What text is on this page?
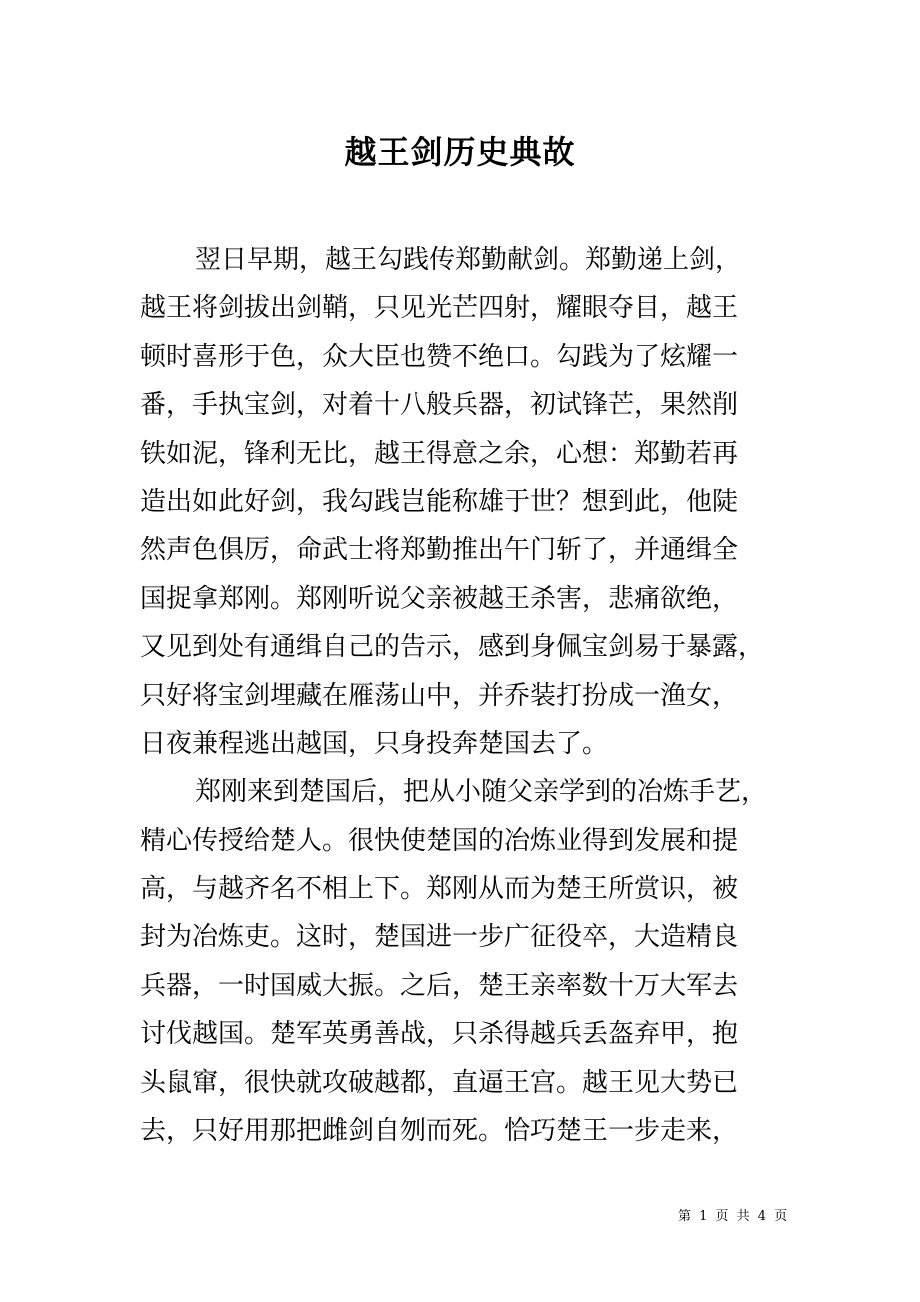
越王剑历史典故
翌日早期，越王勾践传郑勤献剑。郑勤递上剑，
越王将剑拔出剑鞘，只见光芒四射，耀眼夺目，越王
顿时喜形于色，众大臣也赞不绝口。勾践为了炫耀一
番，手执宝剑，对着十八般兵器，初试锋芒，果然削
铁如泥，锋利无比，越王得意之余，心想：郑勤若再
造出如此好剑，我勾践岂能称雄于世？想到此，他陡
然声色俱厉，命武士将郑勤推出午门斩了，并通缉全
国捉拿郑刚。郑刚听说父亲被越王杀害，悲痛欲绝，
又见到处有通缉自己的告示，感到身佩宝剑易于暴露，
只好将宝剑埋藏在雁荡山中，并乔装打扮成一渔女，
日夜兼程逃出越国，只身投奔楚国去了。
郑刚来到楚国后，把从小随父亲学到的冶炼手艺，
精心传授给楚人。很快使楚国的冶炼业得到发展和提
高，与越齐名不相上下。郑刚从而为楚王所赏识，被
封为冶炼吏。这时，楚国进一步广征役卒，大造精良
兵器，一时国威大振。之后，楚王亲率数十万大军去
讨伐越国。楚军英勇善战，只杀得越兵丢盔弃甲，抱
头鼠窜，很快就攻破越都，直逼王宫。越王见大势已
去，只好用那把雌剑自刎而死。恰巧楚王一步走来，
第 1 页 共 4 页
